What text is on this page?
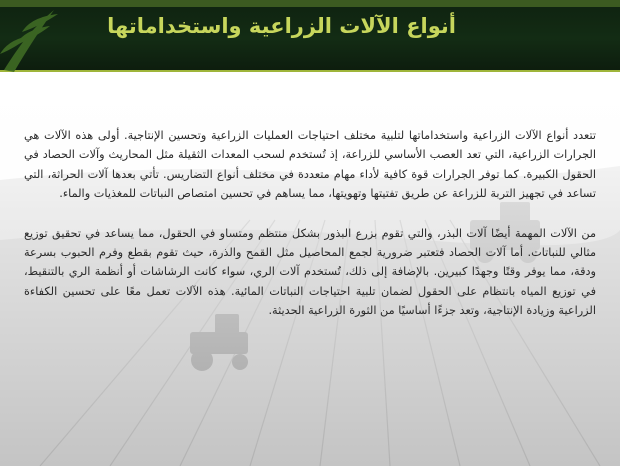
أنواع الآلات الزراعية واستخداماتها

تتعدد أنواع الآلات الزراعية واستخداماتها لتلبية مختلف احتياجات العمليات الزراعية وتحسين الإنتاجية. أولى هذه الآلات هي الجرارات الزراعية، التي تعد العصب الأساسي للزراعة، إذ تُستخدم لسحب المعدات الثقيلة مثل المحاريث وآلات الحصاد في الحقول الكبيرة. كما توفر الجرارات قوة كافية لأداء مهام متعددة في مختلف أنواع التضاريس. تأتي بعدها آلات الحراثة، التي تساعد في تجهيز التربة للزراعة عن طريق تفتيتها وتهويتها، مما يساهم في تحسين امتصاص النباتات للمغذيات والماء.

من الآلات المهمة أيضًا آلات البذر، والتي تقوم بزرع البذور بشكل منتظم ومتساو في الحقول، مما يساعد في تحقيق توزيع مثالي للنباتات. أما آلات الحصاد فتعتبر ضرورية لجمع المحاصيل مثل القمح والذرة، حيث تقوم بقطع وفرم الحبوب بسرعة ودقة، مما يوفر وقتًا وجهدًا كبيرين. بالإضافة إلى ذلك، تُستخدم آلات الري، سواء كانت الرشاشات أو أنظمة الري بالتنقيط، في توزيع المياه بانتظام على الحقول لضمان تلبية احتياجات النباتات المائية. هذه الآلات تعمل معًا على تحسين الكفاءة الزراعية وزيادة الإنتاجية، وتعد جزءًا أساسيًا من الثورة الزراعية الحديثة.
